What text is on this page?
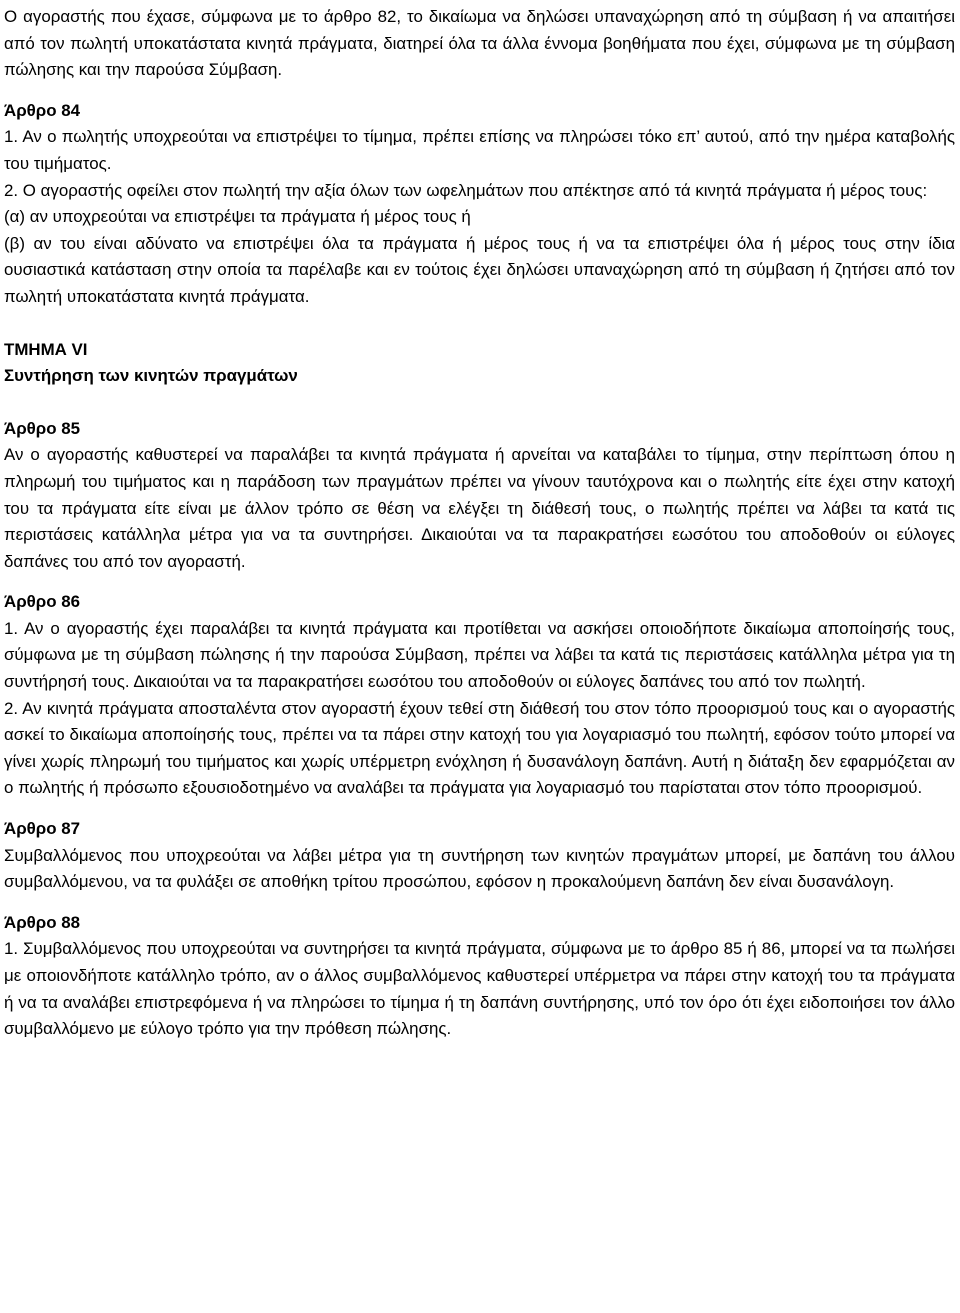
Ο αγοραστής που έχασε, σύμφωνα με το άρθρο 82, το δικαίωμα να δηλώσει υπαναχώρηση από τη σύμβαση ή να απαιτήσει από τον πωλητή υποκατάστατα κινητά πράγματα, διατηρεί όλα τα άλλα έννομα βοηθήματα που έχει, σύμφωνα με τη σύμβαση πώλησης και την παρούσα Σύμβαση.

Άρθρο 84

1. Αν ο πωλητής υποχρεούται να επιστρέψει το τίμημα, πρέπει επίσης να πληρώσει τόκο επ’ αυτού, από την ημέρα καταβολής του τιμήματος.

2. Ο αγοραστής οφείλει στον πωλητή την αξία όλων των ωφελημάτων που απέκτησε από τά κινητά πράγματα ή μέρος τους:

(α) αν υποχρεούται να επιστρέψει τα πράγματα ή μέρος τους ή

(β) αν του είναι αδύνατο να επιστρέψει όλα τα πράγματα ή μέρος τους ή να τα επιστρέψει όλα ή μέρος τους στην ίδια ουσιαστικά κατάσταση στην οποία τα παρέλαβε και εν τούτοις έχει δηλώσει υπαναχώρηση από τη σύμβαση ή ζητήσει από τον πωλητή υποκατάστατα κινητά πράγματα.

ΤΜΗΜΑ VI

Συντήρηση των κινητών πραγμάτων

Άρθρο 85

Αν ο αγοραστής καθυστερεί να παραλάβει τα κινητά πράγματα ή αρνείται να καταβάλει το τίμημα, στην περίπτωση όπου η πληρωμή του τιμήματος και η παράδοση των πραγμάτων πρέπει να γίνουν ταυτόχρονα και ο πωλητής είτε έχει στην κατοχή του τα πράγματα είτε είναι με άλλον τρόπο σε θέση να ελέγξει τη διάθεσή τους, ο πωλητής πρέπει να λάβει τα κατά τις περιστάσεις κατάλληλα μέτρα για να τα συντηρήσει. Δικαιούται να τα παρακρατήσει εωσότου του αποδοθούν οι εύλογες δαπάνες του από τον αγοραστή.

Άρθρο 86

1. Αν ο αγοραστής έχει παραλάβει τα κινητά πράγματα και προτίθεται να ασκήσει οποιοδήποτε δικαίωμα αποποίησής τους, σύμφωνα με τη σύμβαση πώλησης ή την παρούσα Σύμβαση, πρέπει να λάβει τα κατά τις περιστάσεις κατάλληλα μέτρα για τη συντήρησή τους. Δικαιούται να τα παρακρατήσει εωσότου του αποδοθούν οι εύλογες δαπάνες του από τον πωλητή.

2. Αν κινητά πράγματα αποσταλέντα στον αγοραστή έχουν τεθεί στη διάθεσή του στον τόπο προορισμού τους και ο αγοραστής ασκεί το δικαίωμα αποποίησής τους, πρέπει να τα πάρει στην κατοχή του για λογαριασμό του πωλητή, εφόσον τούτο μπορεί να γίνει χωρίς πληρωμή του τιμήματος και χωρίς υπέρμετρη ενόχληση ή δυσανάλογη δαπάνη. Αυτή η διάταξη δεν εφαρμόζεται αν ο πωλητής ή πρόσωπο εξουσιοδοτημένο να αναλάβει τα πράγματα για λογαριασμό του παρίσταται στον τόπο προορισμού.

Άρθρο 87

Συμβαλλόμενος που υποχρεούται να λάβει μέτρα για τη συντήρηση των κινητών πραγμάτων μπορεί, με δαπάνη του άλλου συμβαλλόμενου, να τα φυλάξει σε αποθήκη τρίτου προσώπου, εφόσον η προκαλούμενη δαπάνη δεν είναι δυσανάλογη.

Άρθρο 88

1. Συμβαλλόμενος που υποχρεούται να συντηρήσει τα κινητά πράγματα, σύμφωνα με το άρθρο 85 ή 86, μπορεί να τα πωλήσει με οποιονδήποτε κατάλληλο τρόπο, αν ο άλλος συμβαλλόμενος καθυστερεί υπέρμετρα να πάρει στην κατοχή του τα πράγματα ή να τα αναλάβει επιστρεφόμενα ή να πληρώσει το τίμημα ή τη δαπάνη συντήρησης, υπό τον όρο ότι έχει ειδοποιήσει τον άλλο συμβαλλόμενο με εύλογο τρόπο για την πρόθεση πώλησης.
